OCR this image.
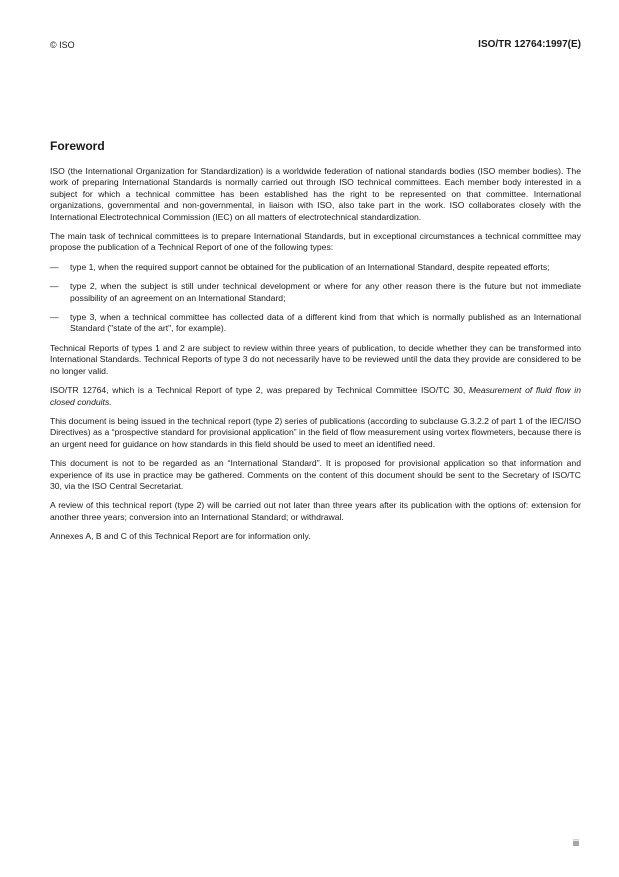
© ISO	ISO/TR 12764:1997(E)
Foreword

ISO (the International Organization for Standardization) is a worldwide federation of national standards bodies (ISO member bodies). The work of preparing International Standards is normally carried out through ISO technical committees. Each member body interested in a subject for which a technical committee has been established has the right to be represented on that committee. International organizations, governmental and non-governmental, in liaison with ISO, also take part in the work. ISO collaborates closely with the International Electrotechnical Commission (IEC) on all matters of electrotechnical standardization.

The main task of technical committees is to prepare International Standards, but in exceptional circumstances a technical committee may propose the publication of a Technical Report of one of the following types:

—	type 1, when the required support cannot be obtained for the publication of an International Standard, despite repeated efforts;
—	type 2, when the subject is still under technical development or where for any other reason there is the future but not immediate possibility of an agreement on an International Standard;
—	type 3, when a technical committee has collected data of a different kind from that which is normally published as an International Standard ("state of the art", for example).

Technical Reports of types 1 and 2 are subject to review within three years of publication, to decide whether they can be transformed into International Standards. Technical Reports of type 3 do not necessarily have to be reviewed until the data they provide are considered to be no longer valid.

ISO/TR 12764, which is a Technical Report of type 2, was prepared by Technical Committee ISO/TC 30, Measurement of fluid flow in closed conduits.

This document is being issued in the technical report (type 2) series of publications (according to subclause G.3.2.2 of part 1 of the IEC/ISO Directives) as a “prospective standard for provisional application” in the field of flow measurement using vortex flowmeters, because there is an urgent need for guidance on how standards in this field should be used to meet an identified need.

This document is not to be regarded as an “International Standard”. It is proposed for provisional application so that information and experience of its use in practice may be gathered. Comments on the content of this document should be sent to the Secretary of ISO/TC 30, via the ISO Central Secretariat.

A review of this technical report (type 2) will be carried out not later than three years after its publication with the options of: extension for another three years; conversion into an International Standard; or withdrawal.

Annexes A, B and C of this Technical Report are for information only.

iii
